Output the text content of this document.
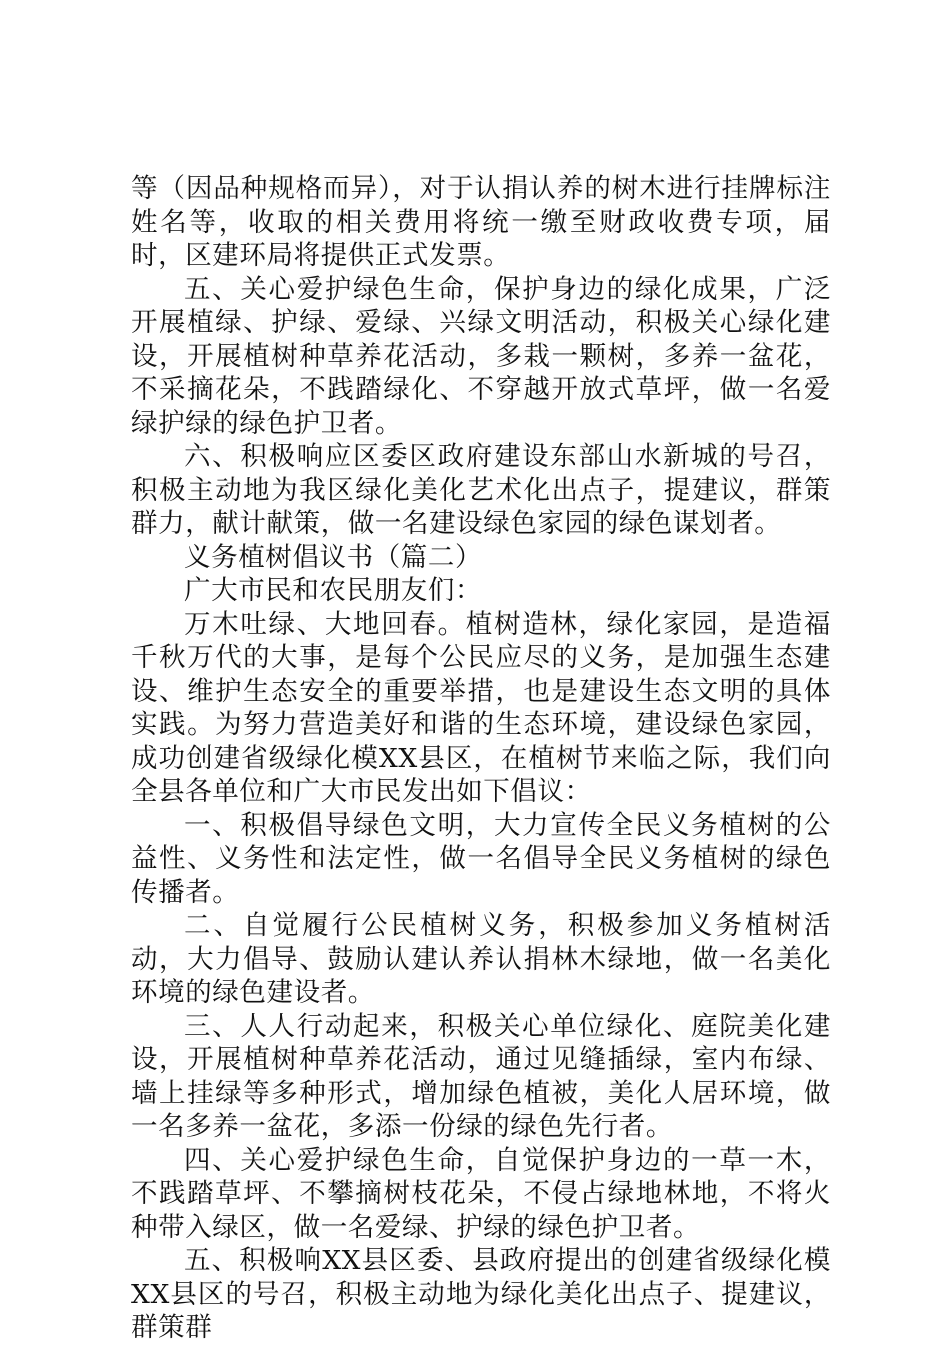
等（因品种规格而异），对于认捐认养的树木进行挂牌标注姓名等，收取的相关费用将统一缴至财政收费专项，届时，区建环局将提供正式发票。

五、关心爱护绿色生命，保护身边的绿化成果，广泛开展植绿、护绿、爱绿、兴绿文明活动，积极关心绿化建设，开展植树种草养花活动，多栽一颗树，多养一盆花，不采摘花朵，不践踏绿化、不穿越开放式草坪，做一名爱绿护绿的绿色护卫者。

六、积极响应区委区政府建设东部山水新城的号召，积极主动地为我区绿化美化艺术化出点子，提建议，群策群力，献计献策，做一名建设绿色家园的绿色谋划者。

义务植树倡议书（篇二）

广大市民和农民朋友们：

万木吐绿、大地回春。植树造林，绿化家园，是造福千秋万代的大事，是每个公民应尽的义务，是加强生态建设、维护生态安全的重要举措，也是建设生态文明的具体实践。为努力营造美好和谐的生态环境，建设绿色家园，成功创建省级绿化模XX县区，在植树节来临之际，我们向全县各单位和广大市民发出如下倡议：

一、积极倡导绿色文明，大力宣传全民义务植树的公益性、义务性和法定性，做一名倡导全民义务植树的绿色传播者。

二、自觉履行公民植树义务，积极参加义务植树活动，大力倡导、鼓励认建认养认捐林木绿地，做一名美化环境的绿色建设者。

三、人人行动起来，积极关心单位绿化、庭院美化建设，开展植树种草养花活动，通过见缝插绿，室内布绿、墙上挂绿等多种形式，增加绿色植被，美化人居环境，做一名多养一盆花，多添一份绿的绿色先行者。

四、关心爱护绿色生命，自觉保护身边的一草一木，不践踏草坪、不攀摘树枝花朵，不侵占绿地林地，不将火种带入绿区，做一名爱绿、护绿的绿色护卫者。

五、积极响XX县区委、县政府提出的创建省级绿化模XX县区的号召，积极主动地为绿化美化出点子、提建议，群策群
